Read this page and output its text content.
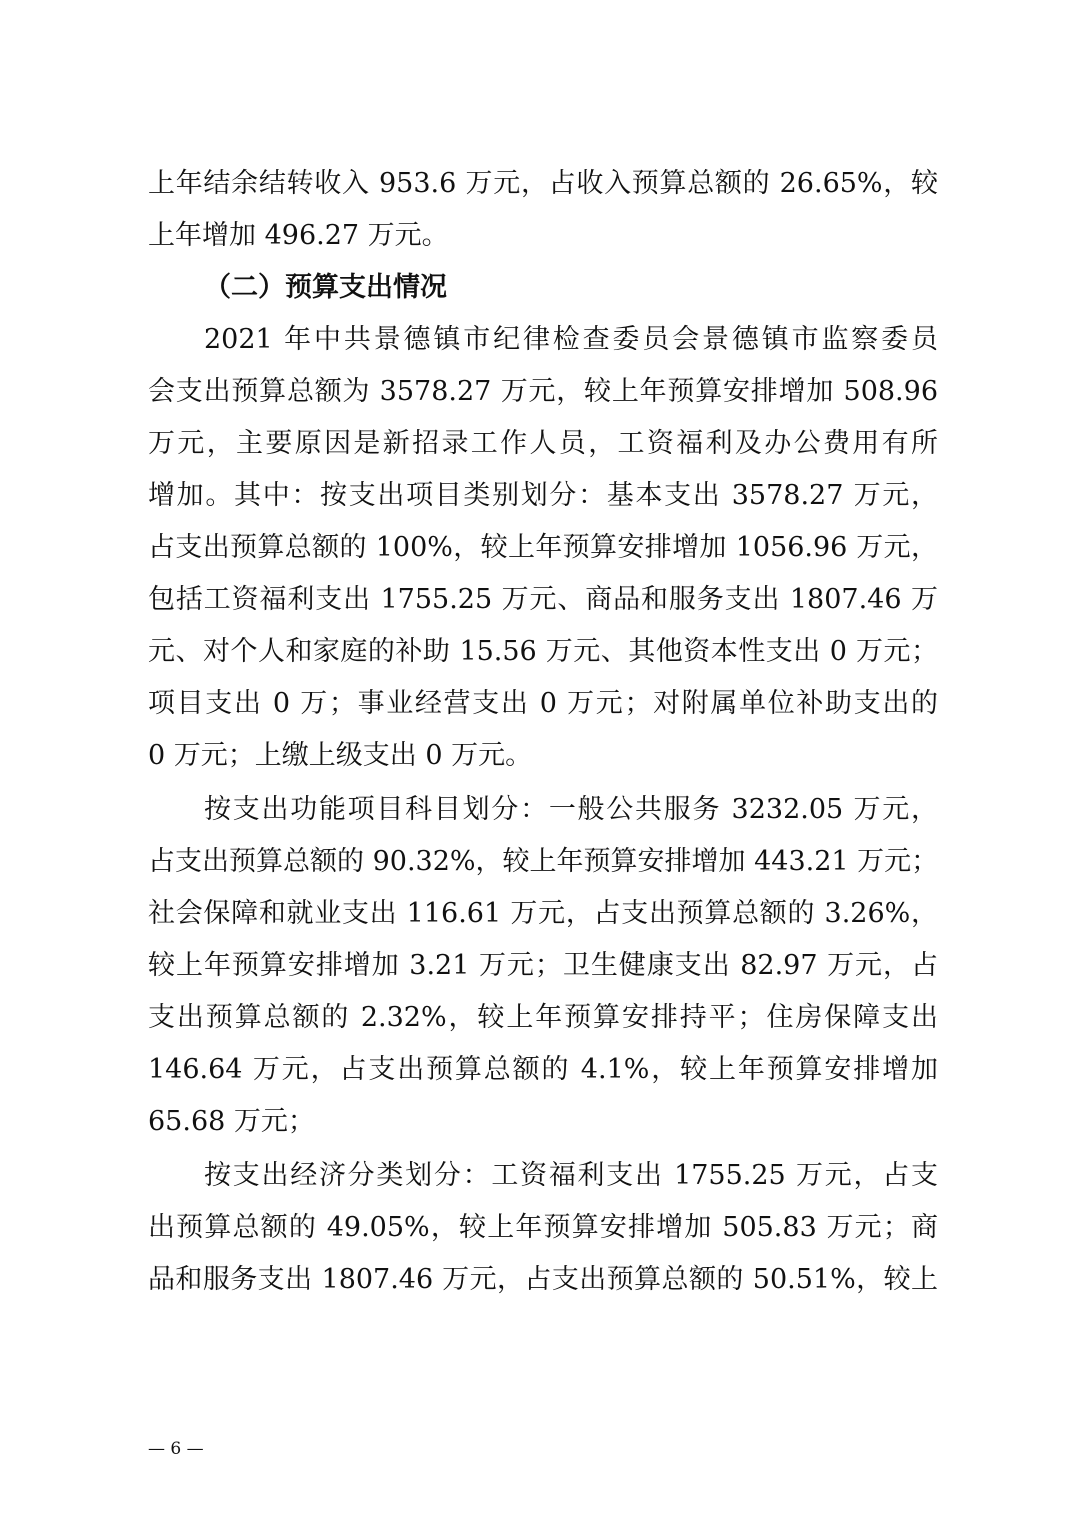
上年结余结转收入 953.6 万元，占收入预算总额的 26.65%，较
上年增加 496.27 万元。
（二）预算支出情况
2021 年中共景德镇市纪律检查委员会景德镇市监察委员
会支出预算总额为 3578.27 万元，较上年预算安排增加 508.96
万元，主要原因是新招录工作人员，工资福利及办公费用有所
增加。其中：按支出项目类别划分：基本支出 3578.27 万元，
占支出预算总额的 100%，较上年预算安排增加 1056.96 万元，
包括工资福利支出 1755.25 万元、商品和服务支出 1807.46 万
元、对个人和家庭的补助 15.56 万元、其他资本性支出 0 万元；
项目支出 0 万；事业经营支出 0 万元；对附属单位补助支出的
0 万元；上缴上级支出 0 万元。
按支出功能项目科目划分：一般公共服务 3232.05 万元，
占支出预算总额的 90.32%，较上年预算安排增加 443.21 万元；
社会保障和就业支出 116.61 万元，占支出预算总额的 3.26%，
较上年预算安排增加 3.21 万元；卫生健康支出 82.97 万元，占
支出预算总额的 2.32%，较上年预算安排持平；住房保障支出
146.64 万元，占支出预算总额的 4.1%，较上年预算安排增加
65.68 万元；
按支出经济分类划分：工资福利支出 1755.25 万元，占支
出预算总额的 49.05%，较上年预算安排增加 505.83 万元；商
品和服务支出 1807.46 万元，占支出预算总额的 50.51%，较上
— 6 —
